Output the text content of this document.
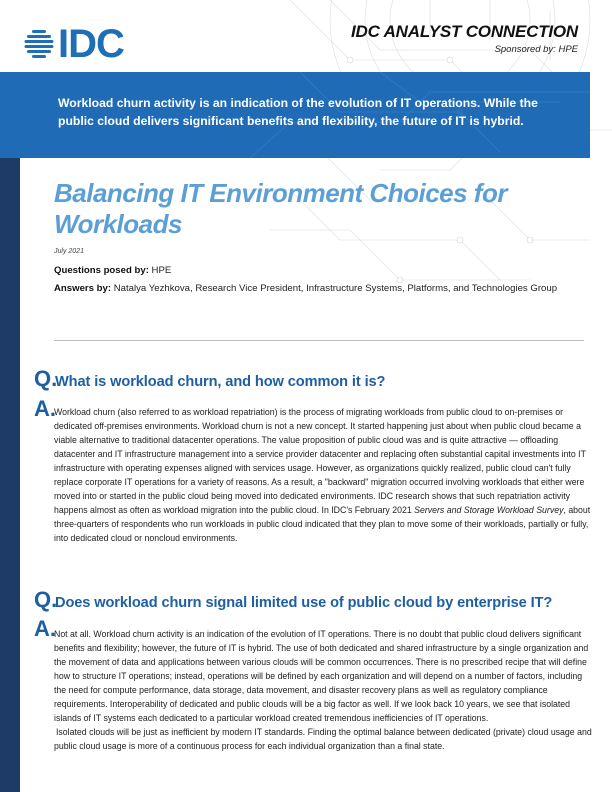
IDC	IDC ANALYST CONNECTION
Sponsored by: HPE
Workload churn activity is an indication of the evolution of IT operations. While the public cloud delivers significant benefits and flexibility, the future of IT is hybrid.
Balancing IT Environment Choices for Workloads
July 2021
Questions posed by: HPE
Answers by: Natalya Yezhkova, Research Vice President, Infrastructure Systems, Platforms, and Technologies Group
Q.
What is workload churn, and how common it is?
A.
Workload churn (also referred to as workload repatriation) is the process of migrating workloads from public cloud to on-premises or dedicated off-premises environments. Workload churn is not a new concept. It started happening just about when public cloud became a viable alternative to traditional datacenter operations. The value proposition of public cloud was and is quite attractive — offloading datacenter and IT infrastructure management into a service provider datacenter and replacing often substantial capital investments into IT infrastructure with operating expenses aligned with services usage. However, as organizations quickly realized, public cloud can't fully replace corporate IT operations for a variety of reasons. As a result, a "backward" migration occurred involving workloads that either were moved into or started in the public cloud being moved into dedicated environments. IDC research shows that such repatriation activity happens almost as often as workload migration into the public cloud. In IDC's February 2021 Servers and Storage Workload Survey, about three-quarters of respondents who run workloads in public cloud indicated that they plan to move some of their workloads, partially or fully, into dedicated cloud or noncloud environments.
Q.
Does workload churn signal limited use of public cloud by enterprise IT?
A.
Not at all. Workload churn activity is an indication of the evolution of IT operations. There is no doubt that public cloud delivers significant benefits and flexibility; however, the future of IT is hybrid. The use of both dedicated and shared infrastructure by a single organization and the movement of data and applications between various clouds will be common occurrences. There is no prescribed recipe that will define how to structure IT operations; instead, operations will be defined by each organization and will depend on a number of factors, including the need for compute performance, data storage, data movement, and disaster recovery plans as well as regulatory compliance requirements. Interoperability of dedicated and public clouds will be a big factor as well. If we look back 10 years, we see that isolated islands of IT systems each dedicated to a particular workload created tremendous inefficiencies of IT operations.
Isolated clouds will be just as inefficient by modern IT standards. Finding the optimal balance between dedicated (private) cloud usage and public cloud usage is more of a continuous process for each individual organization than a final state.
